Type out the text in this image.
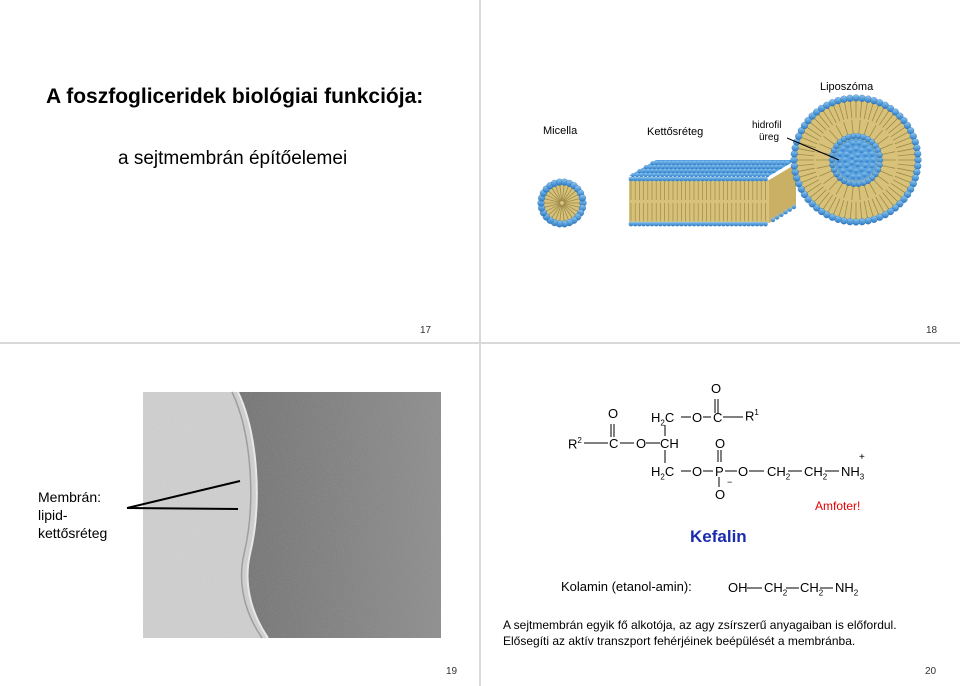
A foszfogliceridek biológiai funkciója:
a sejtmembrán építőelemei
17
Micella	Kettősréteg
Liposzóma
hidrofil
üreg
18
Membrán: lipid-kettősréteg
19
O
O	$H_2C$ O C $R^1$
$R^2$ C O CH	O
$H_2C$ O P O $CH_2$ $CH_2$ $NH_3$
+
O
−
Amfoter!
Kefalin
Kolamin (etanol-amin):	OH $CH_2$ $CH_2$ $NH_2$
A sejtmembrán egyik fő alkotója, az agy zsírszerű anyagaiban is előfordul.
Elősegíti az aktív transzport fehérjéinek beépülését a membránba.
20
